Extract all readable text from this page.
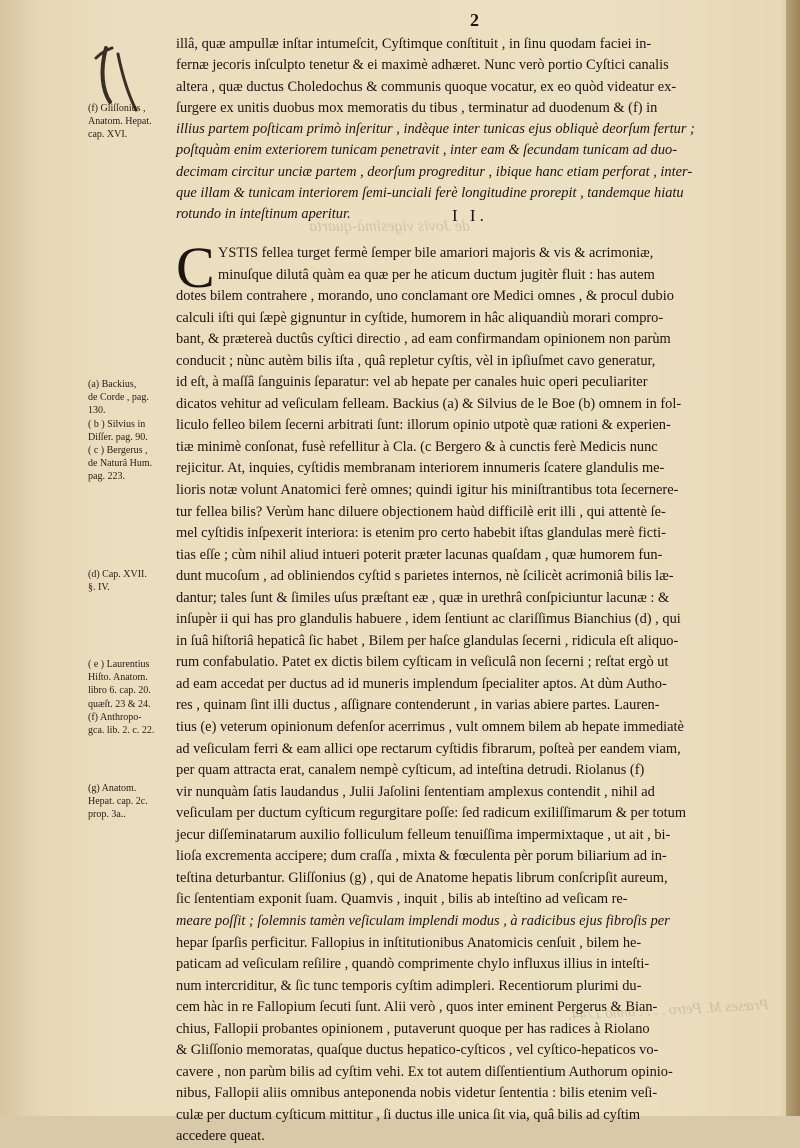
dé Jovis vigesimà-quarta
Præses M. Petro . . . . anno 1744.
2
illâ, quæ ampullæ inſtar intumeſcit, Cyſtimque conſtituit , in ſinu quodam faciei in-
fernæ jecoris inſculpto tenetur & ei maximè adhæret. Nunc verò portio Cyſtici canalis
altera , quæ ductus Choledochus & communis quoque vocatur, ex eo quòd videatur ex-
ſurgere ex unitis duobus mox memoratis du tibus , terminatur ad duodenum & (f) in
illius partem poſticam primò inſeritur , indèque inter tunicas ejus obliquè deorſum fertur ;
poſtquàm enim exteriorem tunicam penetravit , inter eam & ſecundam tunicam ad duo-
decimam circitur unciæ partem , deorſum progreditur , ibique hanc etiam perforat , inter-
que illam & tunicam interiorem ſemi-unciali ferè longitudine prorepit , tandemque hiatu
rotundo in inteſtinum aperitur.	I I.
C YSTIS fellea turget fermè ſemper bile amariori majoris & vis & acrimoniæ,
minuſque dilutâ quàm ea quæ per he aticum ductum jugitèr fluit : has autem
dotes bilem contrahere , morando, uno conclamant ore Medici omnes , & procul dubio
calculi iſti qui ſæpè gignuntur in cyſtide, humorem in hâc aliquandiù morari compro-
bant, & prætereà ductûs cyſtici directio , ad eam confirmandam opinionem non parùm
conducit ; nùnc autèm bilis iſta , quâ repletur cyſtis, vèl in ipſiuſmet cavo generatur,
id eſt, à maſſâ ſanguinis ſeparatur: vel ab hepate per canales huic operi peculiariter
dicatos vehitur ad veſiculam felleam. Backius (a) & Silvius de le Boe (b) omnem in fol-
liculo felleo bilem ſecerni arbitrati ſunt: illorum opinio utpotè quæ rationi & experien-
tiæ minimè conſonat, fusè refellitur à Cla. (c Bergero & à cunctis ferè Medicis nunc
rejicitur. At, inquies, cyſtidis membranam interiorem innumeris ſcatere glandulis me-
lioris notæ volunt Anatomici ferè omnes; quindi igitur his miniſtrantibus tota ſecernere-
tur fellea bilis? Verùm hanc diluere objectionem haùd difficilè erit illi , qui attentè ſe-
mel cyſtidis inſpexerit interiora: is etenim pro certo habebit iſtas glandulas merè ficti-
tias eſſe ; cùm nihil aliud intueri poterit præter lacunas quaſdam , quæ humorem fun-
dunt mucoſum , ad obliniendos cyſtid s parietes internos, nè ſcilicèt acrimoniâ bilis læ-
dantur; tales ſunt & ſimiles uſus præſtant eæ , quæ in urethrâ conſpiciuntur lacunæ : &
inſupèr ii qui has pro glandulis habuere , idem ſentiunt ac clariſſimus Bianchius (d) , qui
in ſuâ hiſtoriâ hepaticâ ſic habet , Bilem per haſce glandulas ſecerni , ridicula eſt aliquo-
rum confabulatio. Patet ex dictis bilem cyſticam in veſiculâ non ſecerni ; reſtat ergò ut
ad eam accedat per ductus ad id muneris implendum ſpecialiter aptos. At dùm Autho-
res , quinam ſint illi ductus , aſſignare contenderunt , in varias abiere partes. Lauren-
tius (e) veterum opinionum defenſor acerrimus , vult omnem bilem ab hepate immediatè
ad veſiculam ferri & eam allici ope rectarum cyſtidis fibrarum, poſteà per eandem viam,
per quam attracta erat, canalem nempè cyſticum, ad inteſtina detrudi. Riolanus (f)
vir nunquàm ſatis laudandus , Julii Jaſolini ſententiam amplexus contendit , nihil ad
veſiculam per ductum cyſticum regurgitare poſſe: ſed radicum exiliſſimarum & per totum
jecur diſſeminatarum auxilio folliculum felleum tenuiſſima impermixtaque , ut ait , bi-
lioſa excrementa accipere; dum craſſa , mixta & fœculenta pèr porum biliarium ad in-
teſtina deturbantur. Gliſſonius (g) , qui de Anatome hepatis librum conſcripſit aureum,
ſic ſententiam exponit ſuam. Quamvis , inquit , bilis ab inteſtino ad veſicam re-
meare poſſit ; ſolemnis tamèn veſiculam implendi modus , à radicibus ejus fibroſis per
hepar ſparſis perficitur. Fallopius in inſtitutionibus Anatomicis cenſuit , bilem he-
paticam ad veſiculam reſilire , quandò comprimente chylo influxus illius in inteſti-
num intercriditur, & ſic tunc temporis cyſtim adimpleri. Recentiorum plurimi du-
cem hàc in re Fallopium ſecuti ſunt. Alii verò , quos inter eminent Pergerus & Bian-
chius, Fallopii probantes opinionem , putaverunt quoque per has radices à Riolano
& Gliſſonio memoratas, quaſque ductus hepatico-cyſticos , vel cyſtico-hepaticos vo-
cavere , non parùm bilis ad cyſtim vehi. Ex tot autem diſſentientium Authorum opinio-
nibus, Fallopii aliis omnibus anteponenda nobis videtur ſententia : bilis etenim veſi-
culæ per ductum cyſticum mittitur , ſi ductus ille unica ſit via, quâ bilis ad cyſtim
accedere queat.
(f) Gliſſonius ,
Anatom. Hepat.
cap. XVI.
(a) Backius,
de Corde , pag.
130.
( b ) Silvius in
Diſſer. pag. 90.
( c ) Bergerus ,
de Naturâ Hum.
pag. 223.
(d) Cap. XVII.
§. IV.
( e ) Laurentius
Hiſto. Anatom.
libro 6. cap. 20.
quæſt. 23 & 24.
(f) Anthropo-
gca. lib. 2. c. 22.
(g) Anatom.
Hepat. cap. 2c.
prop. 3a..
